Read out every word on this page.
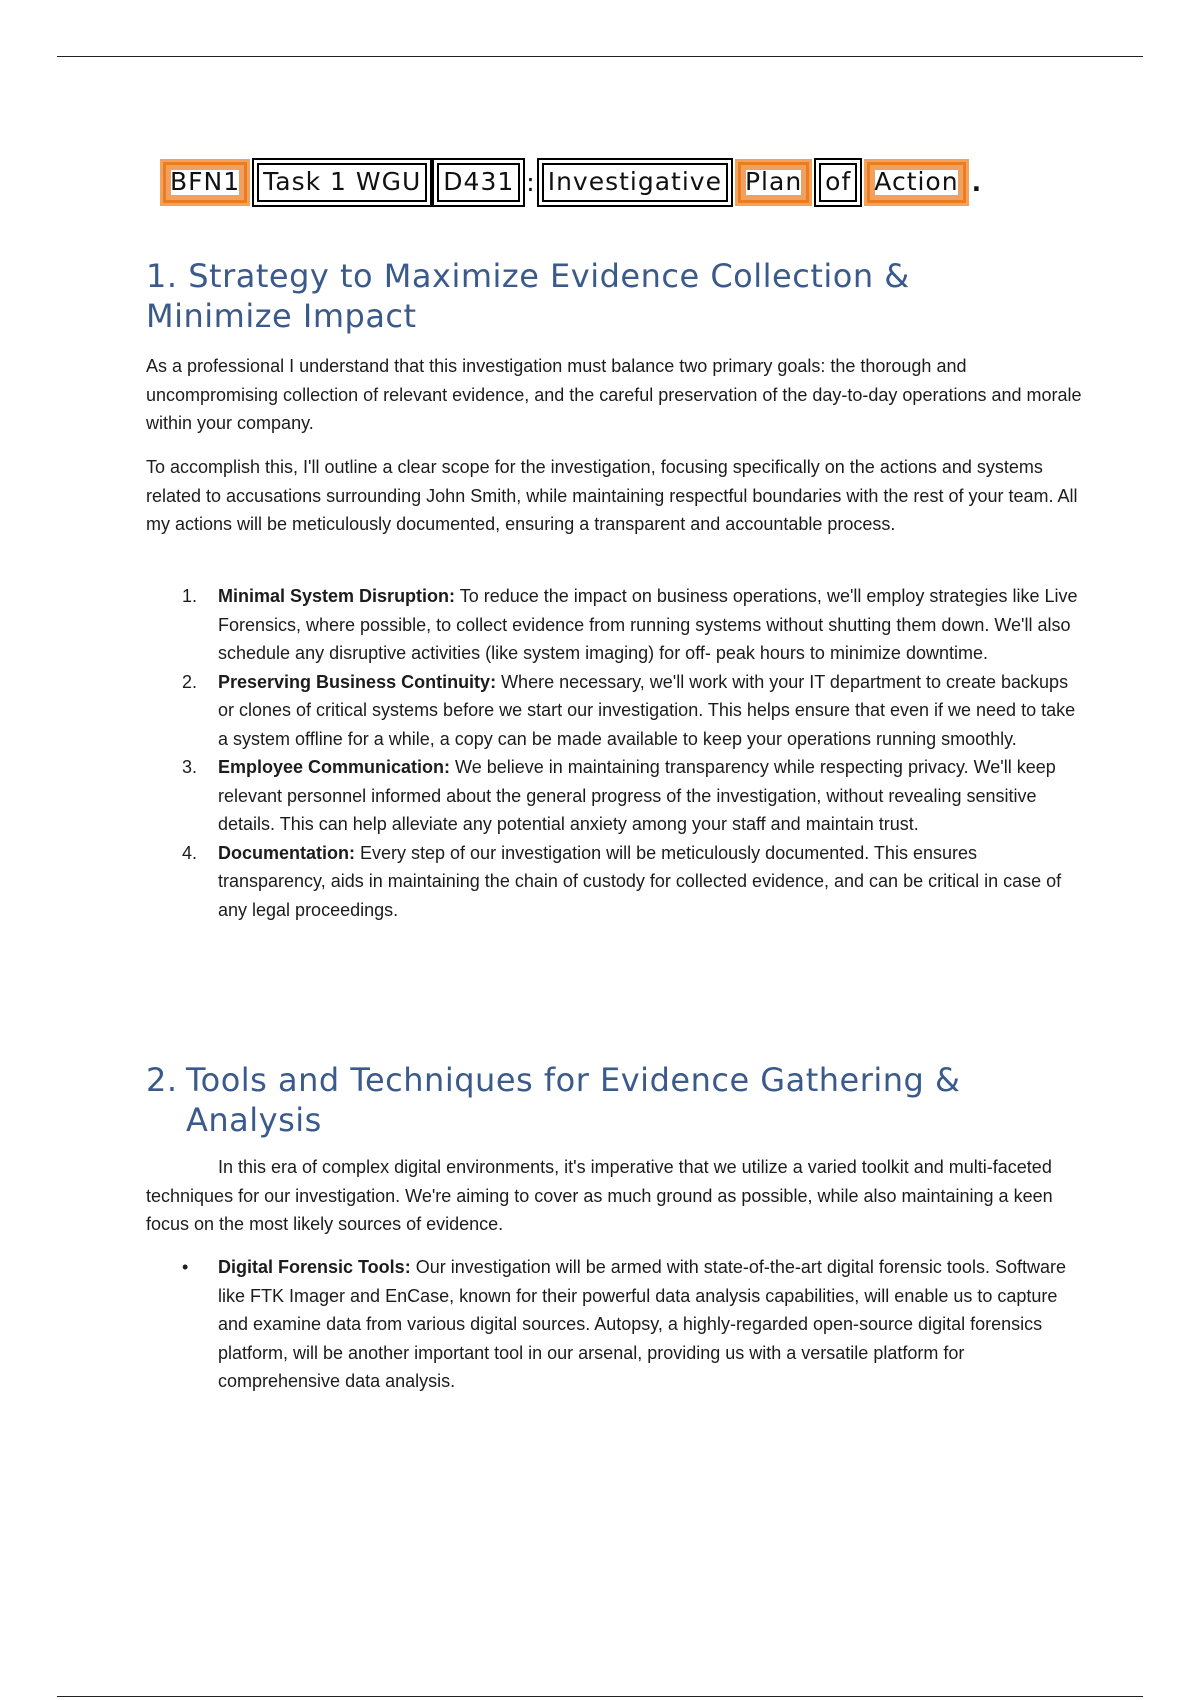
BFN1 Task 1 WGU D431 : Investigative Plan of Action .
1. Strategy to Maximize Evidence Collection &
Minimize Impact

As a professional I understand that this investigation must balance two primary goals: the thorough and uncompromising collection of relevant evidence, and the careful preservation of the day-to-day operations and morale within your company.

To accomplish this, I'll outline a clear scope for the investigation, focusing specifically on the actions and systems related to accusations surrounding John Smith, while maintaining respectful boundaries with the rest of your team. All my actions will be meticulously documented, ensuring a transparent and accountable process.

1. Minimal System Disruption: To reduce the impact on business operations, we'll employ strategies like Live Forensics, where possible, to collect evidence from running systems without shutting them down. We'll also schedule any disruptive activities (like system imaging) for off- peak hours to minimize downtime.
2. Preserving Business Continuity: Where necessary, we'll work with your IT department to create backups or clones of critical systems before we start our investigation. This helps ensure that even if we need to take a system offline for a while, a copy can be made available to keep your operations running smoothly.
3. Employee Communication: We believe in maintaining transparency while respecting privacy. We'll keep relevant personnel informed about the general progress of the investigation, without revealing sensitive details. This can help alleviate any potential anxiety among your staff and maintain trust.
4. Documentation: Every step of our investigation will be meticulously documented. This ensures transparency, aids in maintaining the chain of custody for collected evidence, and can be critical in case of any legal proceedings.
2. Tools and Techniques for Evidence Gathering &
Analysis

In this era of complex digital environments, it's imperative that we utilize a varied toolkit and multi-faceted techniques for our investigation. We're aiming to cover as much ground as possible, while also maintaining a keen focus on the most likely sources of evidence.

• Digital Forensic Tools: Our investigation will be armed with state-of-the-art digital forensic tools. Software like FTK Imager and EnCase, known for their powerful data analysis capabilities, will enable us to capture and examine data from various digital sources. Autopsy, a highly-regarded open-source digital forensics platform, will be another important tool in our arsenal, providing us with a versatile platform for comprehensive data analysis.
